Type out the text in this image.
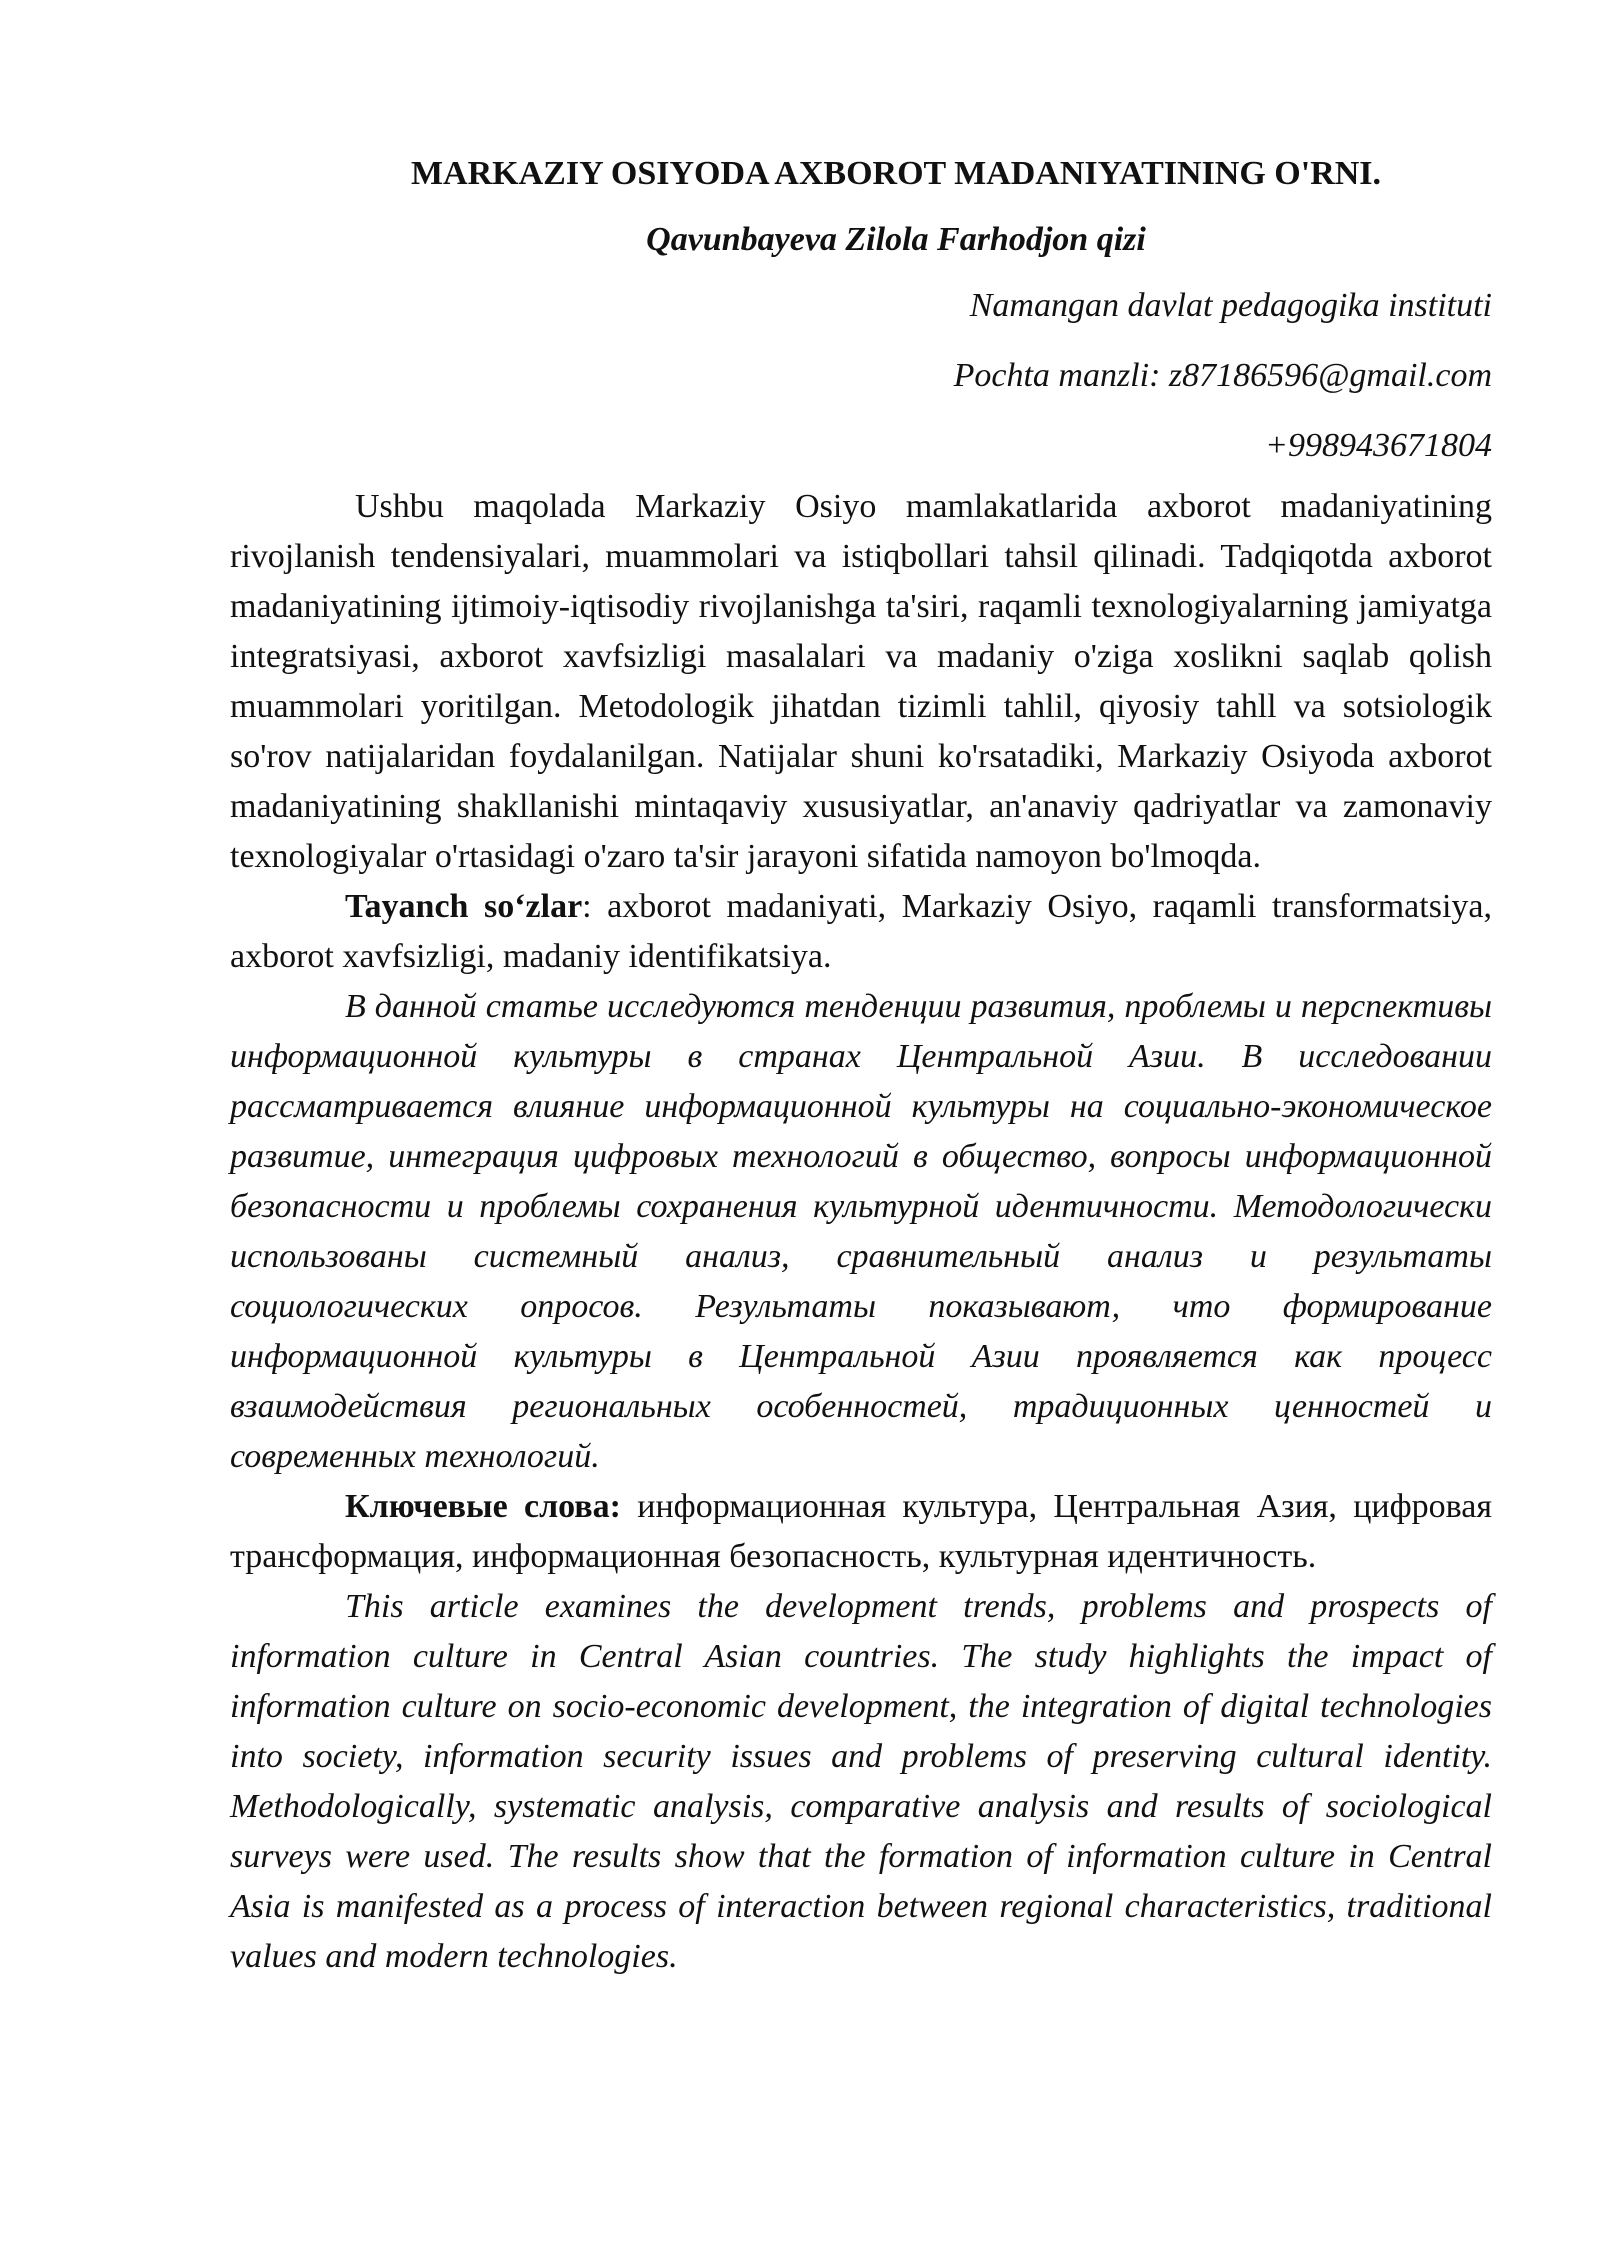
MARKAZIY OSIYODA AXBOROT MADANIYATINING O'RNI.
Qavunbayeva Zilola Farhodjon qizi
Namangan davlat pedagogika instituti
Pochta manzli: z87186596@gmail.com
+998943671804

Ushbu maqolada Markaziy Osiyo mamlakatlarida axborot madaniyatining rivojlanish tendensiyalari, muammolari va istiqbollari tahsil qilinadi. Tadqiqotda axborot madaniyatining ijtimoiy-iqtisodiy rivojlanishga ta'siri, raqamli texnologiyalarning jamiyatga integratsiyasi, axborot xavfsizligi masalalari va madaniy o'ziga xoslikni saqlab qolish muammolari yoritilgan. Metodologik jihatdan tizimli tahlil, qiyosiy tahll va sotsiologik so'rov natijalaridan foydalanilgan. Natijalar shuni ko'rsatadiki, Markaziy Osiyoda axborot madaniyatining shakllanishi mintaqaviy xususiyatlar, an'anaviy qadriyatlar va zamonaviy texnologiyalar o'rtasidagi o'zaro ta'sir jarayoni sifatida namoyon bo'lmoqda.

Tayanch so‘zlar: axborot madaniyati, Markaziy Osiyo, raqamli transformatsiya, axborot xavfsizligi, madaniy identifikatsiya.

В данной статье исследуются тенденции развития, проблемы и перспективы информационной культуры в странах Центральной Азии. В исследовании рассматривается влияние информационной культуры на социально-экономическое развитие, интеграция цифровых технологий в общество, вопросы информационной безопасности и проблемы сохранения культурной идентичности. Методологически использованы системный анализ, сравнительный анализ и результаты социологических опросов. Результаты показывают, что формирование информационной культуры в Центральной Азии проявляется как процесс взаимодействия региональных особенностей, традиционных ценностей и современных технологий.

Ключевые слова: информационная культура, Центральная Азия, цифровая трансформация, информационная безопасность, культурная идентичность.

This article examines the development trends, problems and prospects of information culture in Central Asian countries. The study highlights the impact of information culture on socio-economic development, the integration of digital technologies into society, information security issues and problems of preserving cultural identity. Methodologically, systematic analysis, comparative analysis and results of sociological surveys were used. The results show that the formation of information culture in Central Asia is manifested as a process of interaction between regional characteristics, traditional values and modern technologies.
